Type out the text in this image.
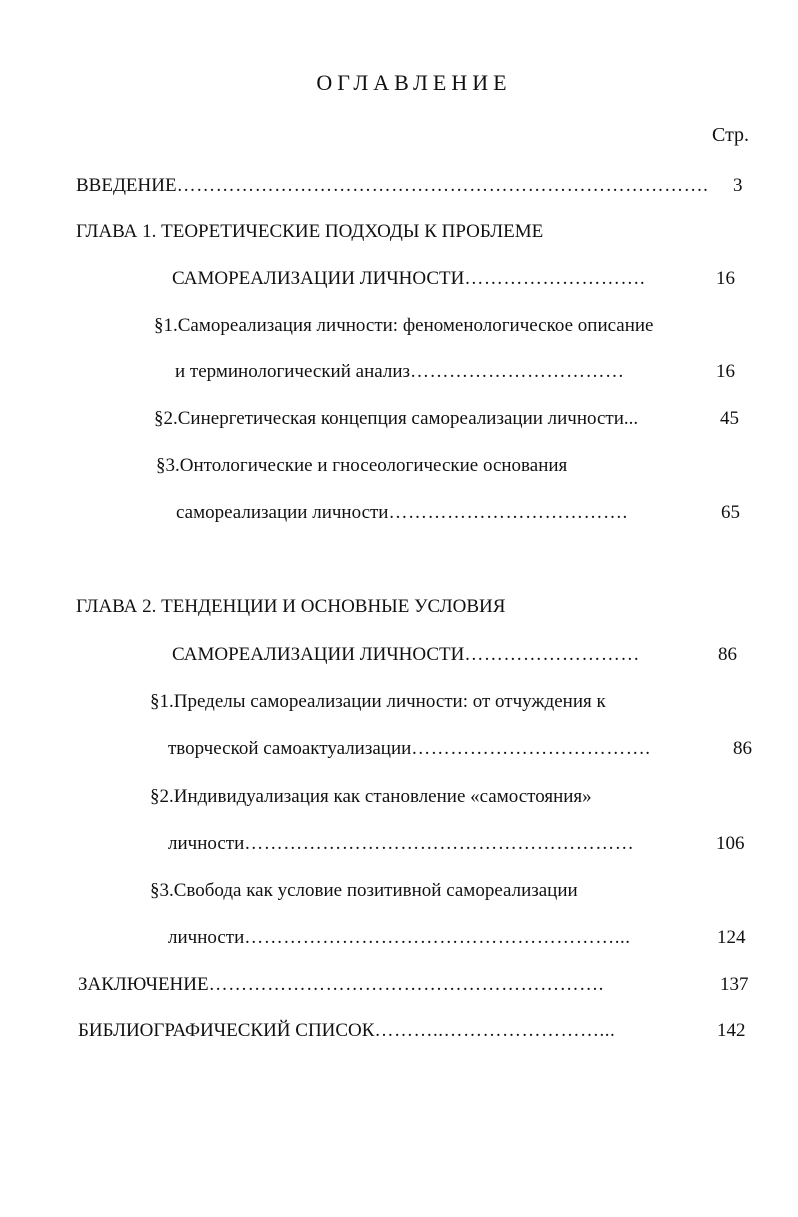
ОГЛАВЛЕНИЕ
Стр.
ВВЕДЕНИЕ………………………………………………………………………. 3
ГЛАВА 1. ТЕОРЕТИЧЕСКИЕ ПОДХОДЫ К ПРОБЛЕМЕ
САМОРЕАЛИЗАЦИИ ЛИЧНОСТИ……………………….	16
§1.Самореализация личности: феноменологическое описание
и терминологический анализ……………………………	16
§2.Синергетическая концепция самореализации личности...	45
§3.Онтологические и гносеологические основания
самореализации личности……………………………….	65
ГЛАВА 2. ТЕНДЕНЦИИ И ОСНОВНЫЕ УСЛОВИЯ
САМОРЕАЛИЗАЦИИ ЛИЧНОСТИ………………………	86
§1.Пределы самореализации личности: от отчуждения к
творческой самоактуализации……………………………….	86
§2.Индивидуализация как становление «самостояния»
личности……………………………………………………	106
§3.Свобода как условие позитивной самореализации
личности…………………………………………………...	124
ЗАКЛЮЧЕНИЕ…………………………………………………….	137
БИБЛИОГРАФИЧЕСКИЙ СПИСОК………..……………………...	142
